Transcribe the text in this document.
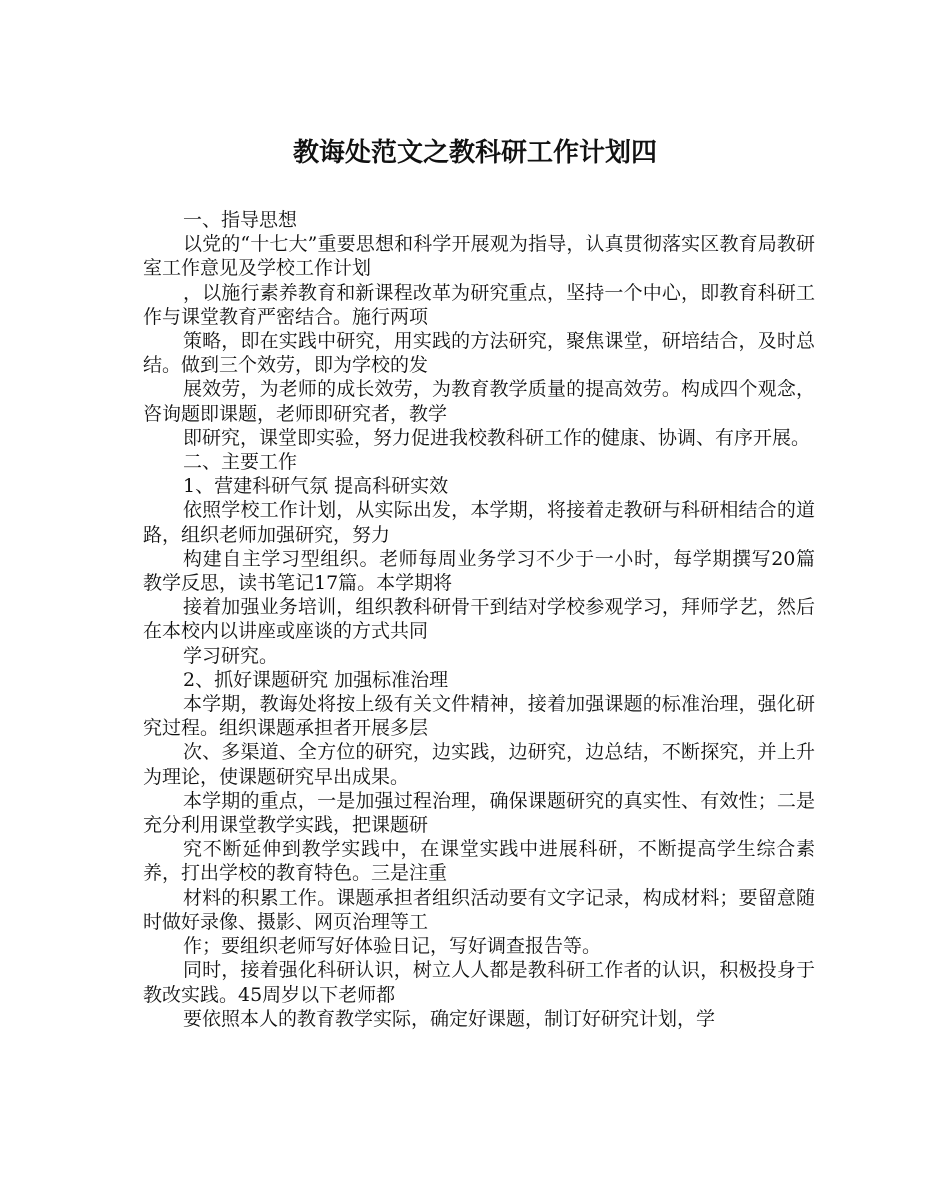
教诲处范文之教科研工作计划四

一、指导思想

以党的“十七大”重要思想和科学开展观为指导，认真贯彻落实区教育局教研室工作意见及学校工作计划

，以施行素养教育和新课程改革为研究重点，坚持一个中心，即教育科研工作与课堂教育严密结合。施行两项

策略，即在实践中研究，用实践的方法研究，聚焦课堂，研培结合，及时总结。做到三个效劳，即为学校的发

展效劳，为老师的成长效劳，为教育教学质量的提高效劳。构成四个观念，咨询题即课题，老师即研究者，教学

即研究，课堂即实验，努力促进我校教科研工作的健康、协调、有序开展。

二、主要工作

1、营建科研气氛 提高科研实效

依照学校工作计划，从实际出发，本学期，将接着走教研与科研相结合的道路，组织老师加强研究，努力

构建自主学习型组织。老师每周业务学习不少于一小时，每学期撰写20篇教学反思，读书笔记17篇。本学期将

接着加强业务培训，组织教科研骨干到结对学校参观学习，拜师学艺，然后在本校内以讲座或座谈的方式共同

学习研究。

2、抓好课题研究 加强标准治理

本学期，教诲处将按上级有关文件精神，接着加强课题的标准治理，强化研究过程。组织课题承担者开展多层

次、多渠道、全方位的研究，边实践，边研究，边总结，不断探究，并上升为理论，使课题研究早出成果。

本学期的重点，一是加强过程治理，确保课题研究的真实性、有效性；二是充分利用课堂教学实践，把课题研

究不断延伸到教学实践中，在课堂实践中进展科研，不断提高学生综合素养，打出学校的教育特色。三是注重

材料的积累工作。课题承担者组织活动要有文字记录，构成材料；要留意随时做好录像、摄影、网页治理等工

作；要组织老师写好体验日记，写好调查报告等。

同时，接着强化科研认识，树立人人都是教科研工作者的认识，积极投身于教改实践。45周岁以下老师都

要依照本人的教育教学实际，确定好课题，制订好研究计划，学
